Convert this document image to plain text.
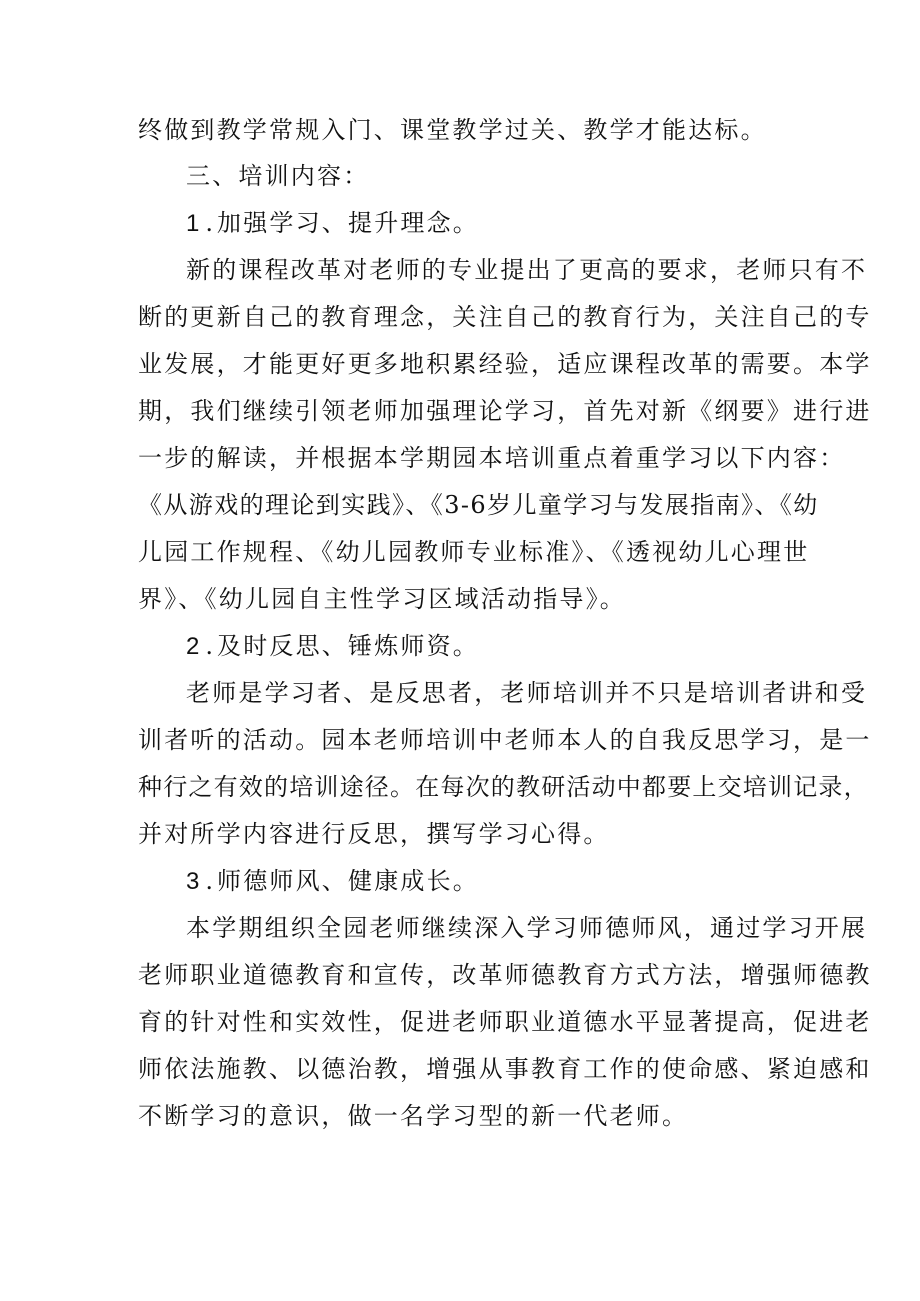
终做到教学常规入门、课堂教学过关、教学才能达标。
三、培训内容：
1 . 加强学习、提升理念。
新的课程改革对老师的专业提出了更高的要求，老师只有不
断的更新自己的教育理念，关注自己的教育行为，关注自己的专
业发展，才能更好更多地积累经验，适应课程改革的需要。本学
期，我们继续引领老师加强理论学习，首先对新《纲要》进行进
一步的解读，并根据本学期园本培训重点着重学习以下内容：
《从游戏的理论到实践》、《3-6岁儿童学习与发展指南》、《幼
儿园工作规程、《幼儿园教师专业标准》、《透视幼儿心理世
界》、《幼儿园自主性学习区域活动指导》。
2 . 及时反思、锤炼师资。
老师是学习者、是反思者，老师培训并不只是培训者讲和受
训者听的活动。园本老师培训中老师本人的自我反思学习，是一
种行之有效的培训途径。在每次的教研活动中都要上交培训记录，
并对所学内容进行反思，撰写学习心得。
3 . 师德师风、健康成长。
本学期组织全园老师继续深入学习师德师风，通过学习开展
老师职业道德教育和宣传，改革师德教育方式方法，增强师德教
育的针对性和实效性，促进老师职业道德水平显著提高，促进老
师依法施教、以德治教，增强从事教育工作的使命感、紧迫感和
不断学习的意识，做一名学习型的新一代老师。
